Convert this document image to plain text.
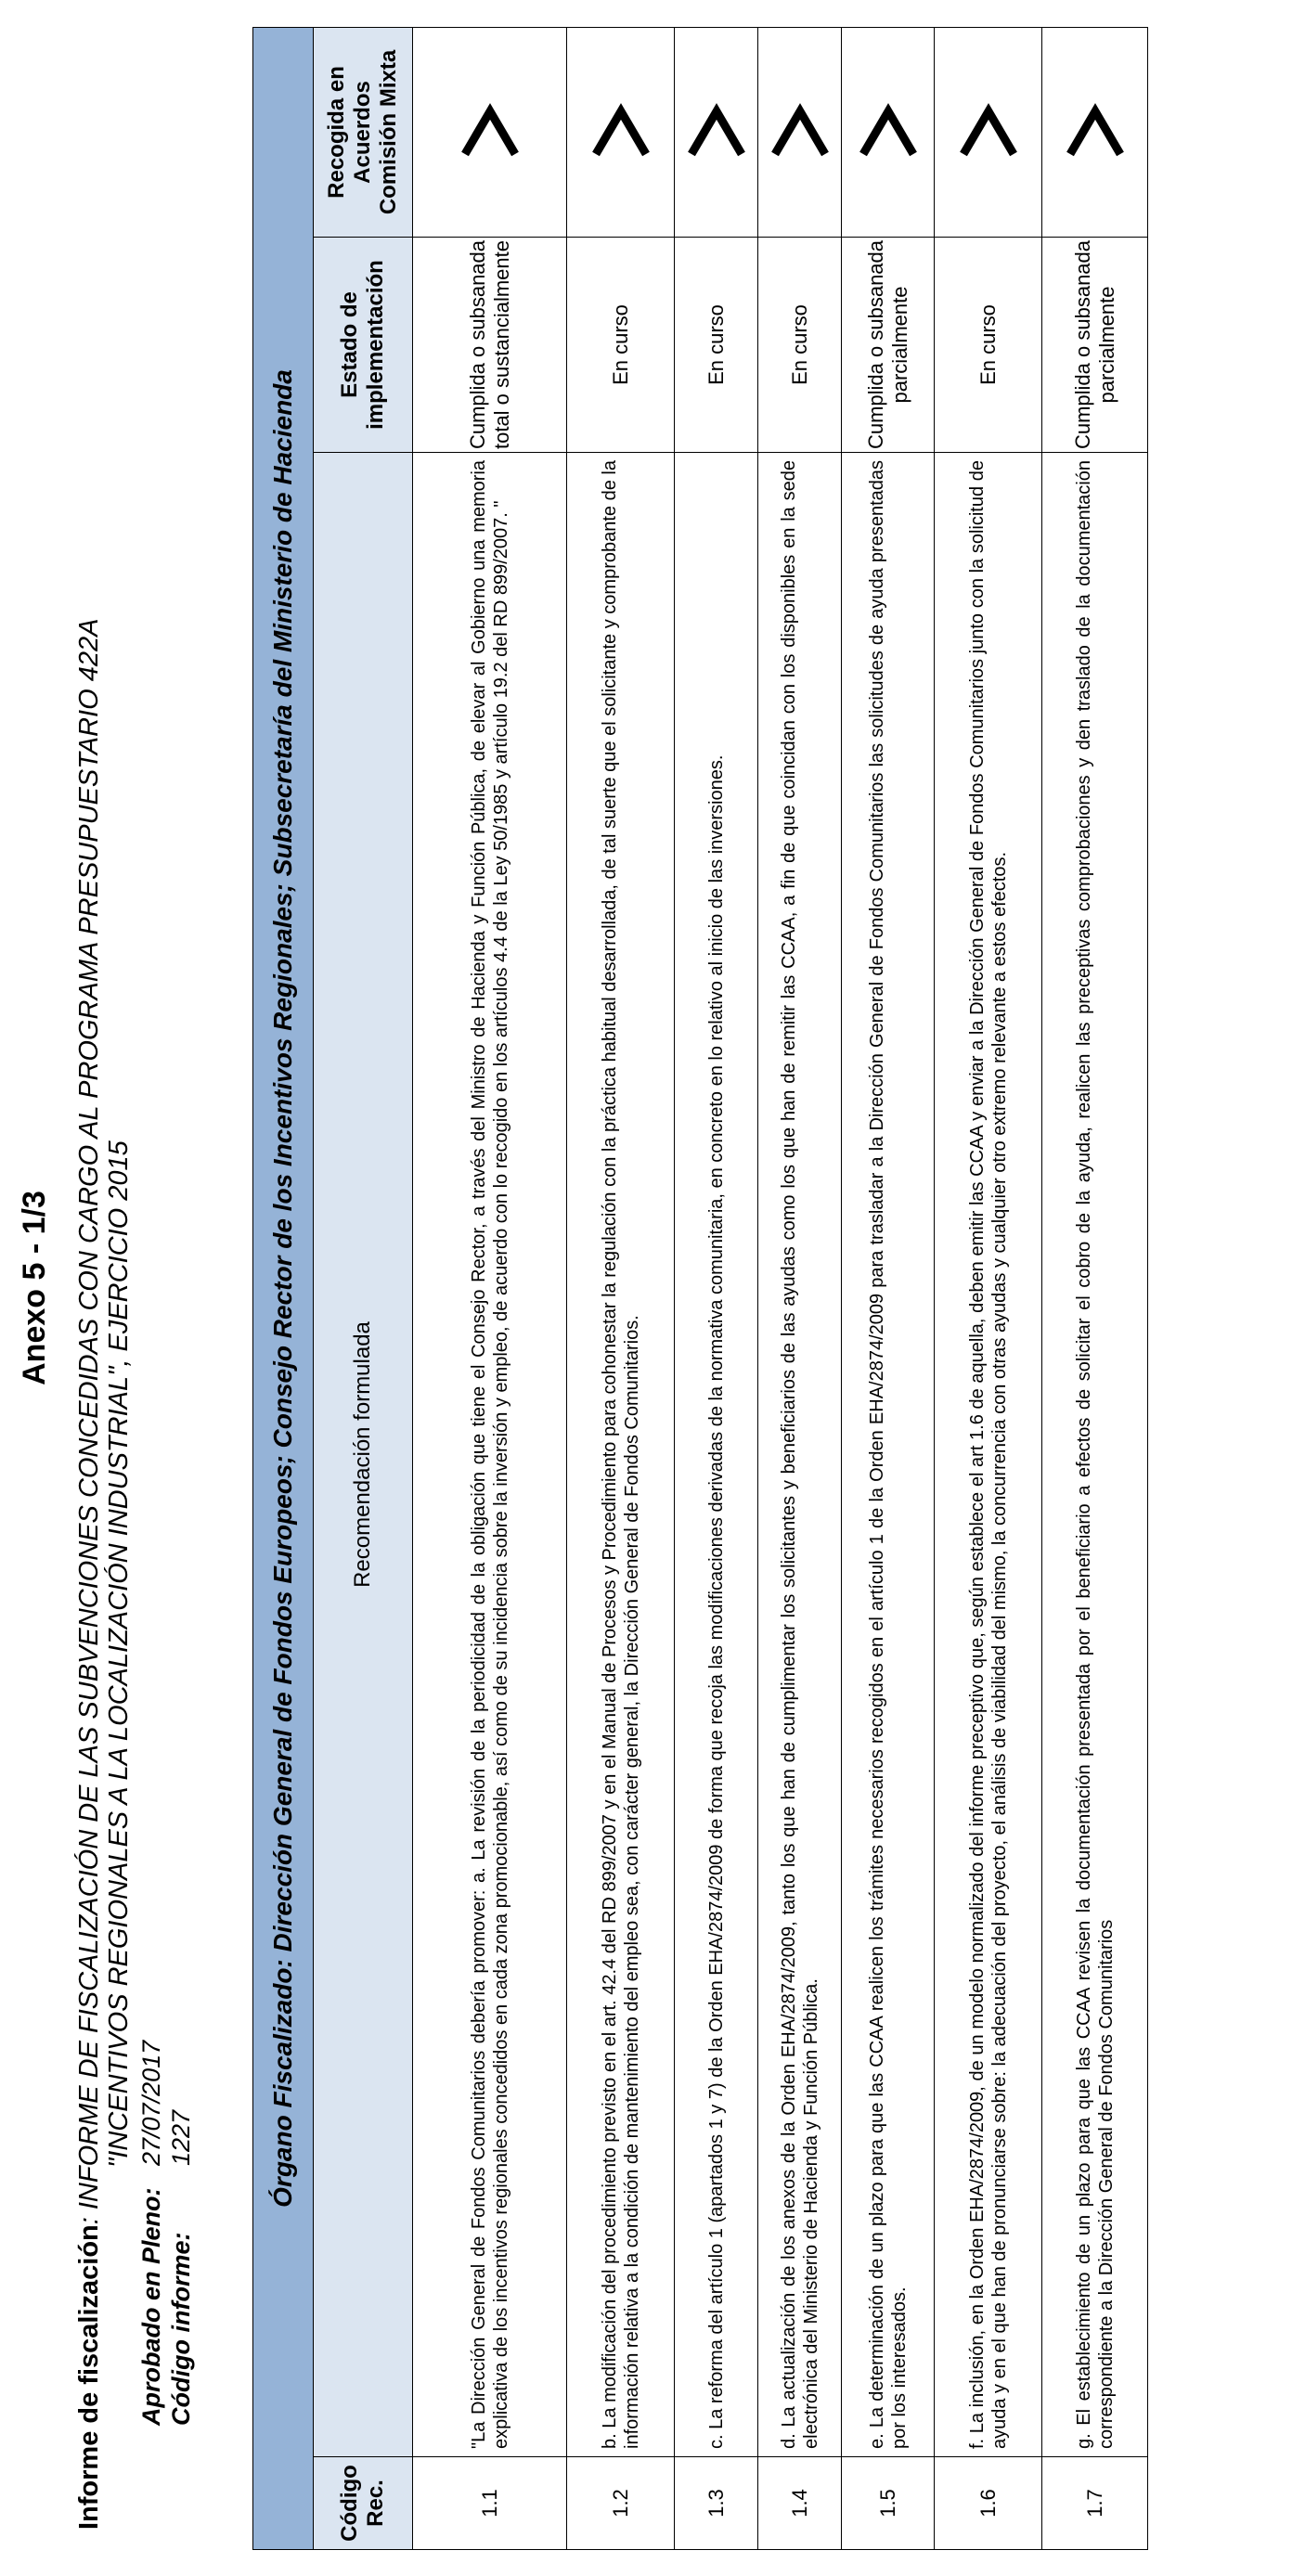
Anexo 5 - 1/3
Informe de fiscalización
: INFORME DE FISCALIZACIÓN DE LAS SUBVENCIONES CONCEDIDAS CON CARGO AL PROGRAMA PRESUPUESTARIO 422A "INCENTIVOS REGIONALES A LA LOCALIZACIÓN INDUSTRIAL", EJERCICIO 2015
Aprobado en Pleno:
27/07/2017
Código informe:
1227	Órgano Fiscalizado: Dirección General de Fondos Europeos; Consejo Rector de los Incentivos Regionales; Subsecretaría del Ministerio de Hacienda			
Código Rec.	Recomendación formulada	Estado de implementación	Recogida en Acuerdos Comisión Mixta
1.1	"La Dirección General de Fondos Comunitarios debería promover: a. La revisión de la periodicidad de la obligación que tiene el Consejo Rector, a través del Ministro de Hacienda y Función Pública, de elevar al Gobierno una memoria explicativa de los incentivos regionales concedidos en cada zona promocionable, así como de su incidencia sobre la inversión y empleo, de acuerdo con lo recogido en los artículos 4.4 de la Ley 50/1985 y artículo 19.2 del RD 899/2007. "	Cumplida o subsanada total o sustancialmente	

1.2	b. La modificación del procedimiento previsto en el art. 42.4 del RD 899/2007 y en el Manual de Procesos y Procedimiento para cohonestar la regulación con la práctica habitual desarrollada, de tal suerte que el solicitante y comprobante de la información relativa a la condición de mantenimiento del empleo sea, con carácter general, la Dirección General de Fondos Comunitarios.	En curso	

1.3	c. La reforma del artículo 1 (apartados 1 y 7) de la Orden EHA/2874/2009 de forma que recoja las modificaciones derivadas de la normativa comunitaria, en concreto en lo relativo al inicio de las inversiones.	En curso	

1.4	d. La actualización de los anexos de la Orden EHA/2874/2009, tanto los que han de cumplimentar los solicitantes y beneficiarios de las ayudas como los que han de remitir las CCAA, a fin de que coincidan con los disponibles en la sede electrónica del Ministerio de Hacienda y Función Pública.	En curso	

1.5	e. La determinación de un plazo para que las CCAA realicen los trámites necesarios recogidos en el artículo 1 de la Orden EHA/2874/2009 para trasladar a la Dirección General de Fondos Comunitarios las solicitudes de ayuda presentadas por los interesados.	Cumplida o subsanada parcialmente	

1.6	f. La inclusión, en la Orden EHA/2874/2009, de un modelo normalizado del informe preceptivo que, según establece el art 1.6 de aquella, deben emitir las CCAA y enviar a la Dirección General de Fondos Comunitarios junto con la solicitud de ayuda y en el que han de pronunciarse sobre: la adecuación del proyecto, el análisis de viabilidad del mismo, la concurrencia con otras ayudas y cualquier otro extremo relevante a estos efectos.	En curso	

1.7	g. El establecimiento de un plazo para que las CCAA revisen la documentación presentada por el beneficiario a efectos de solicitar el cobro de la ayuda, realicen las preceptivas comprobaciones y den traslado de la documentación correspondiente a la Dirección General de Fondos Comunitarios	Cumplida o subsanada parcialmente	
